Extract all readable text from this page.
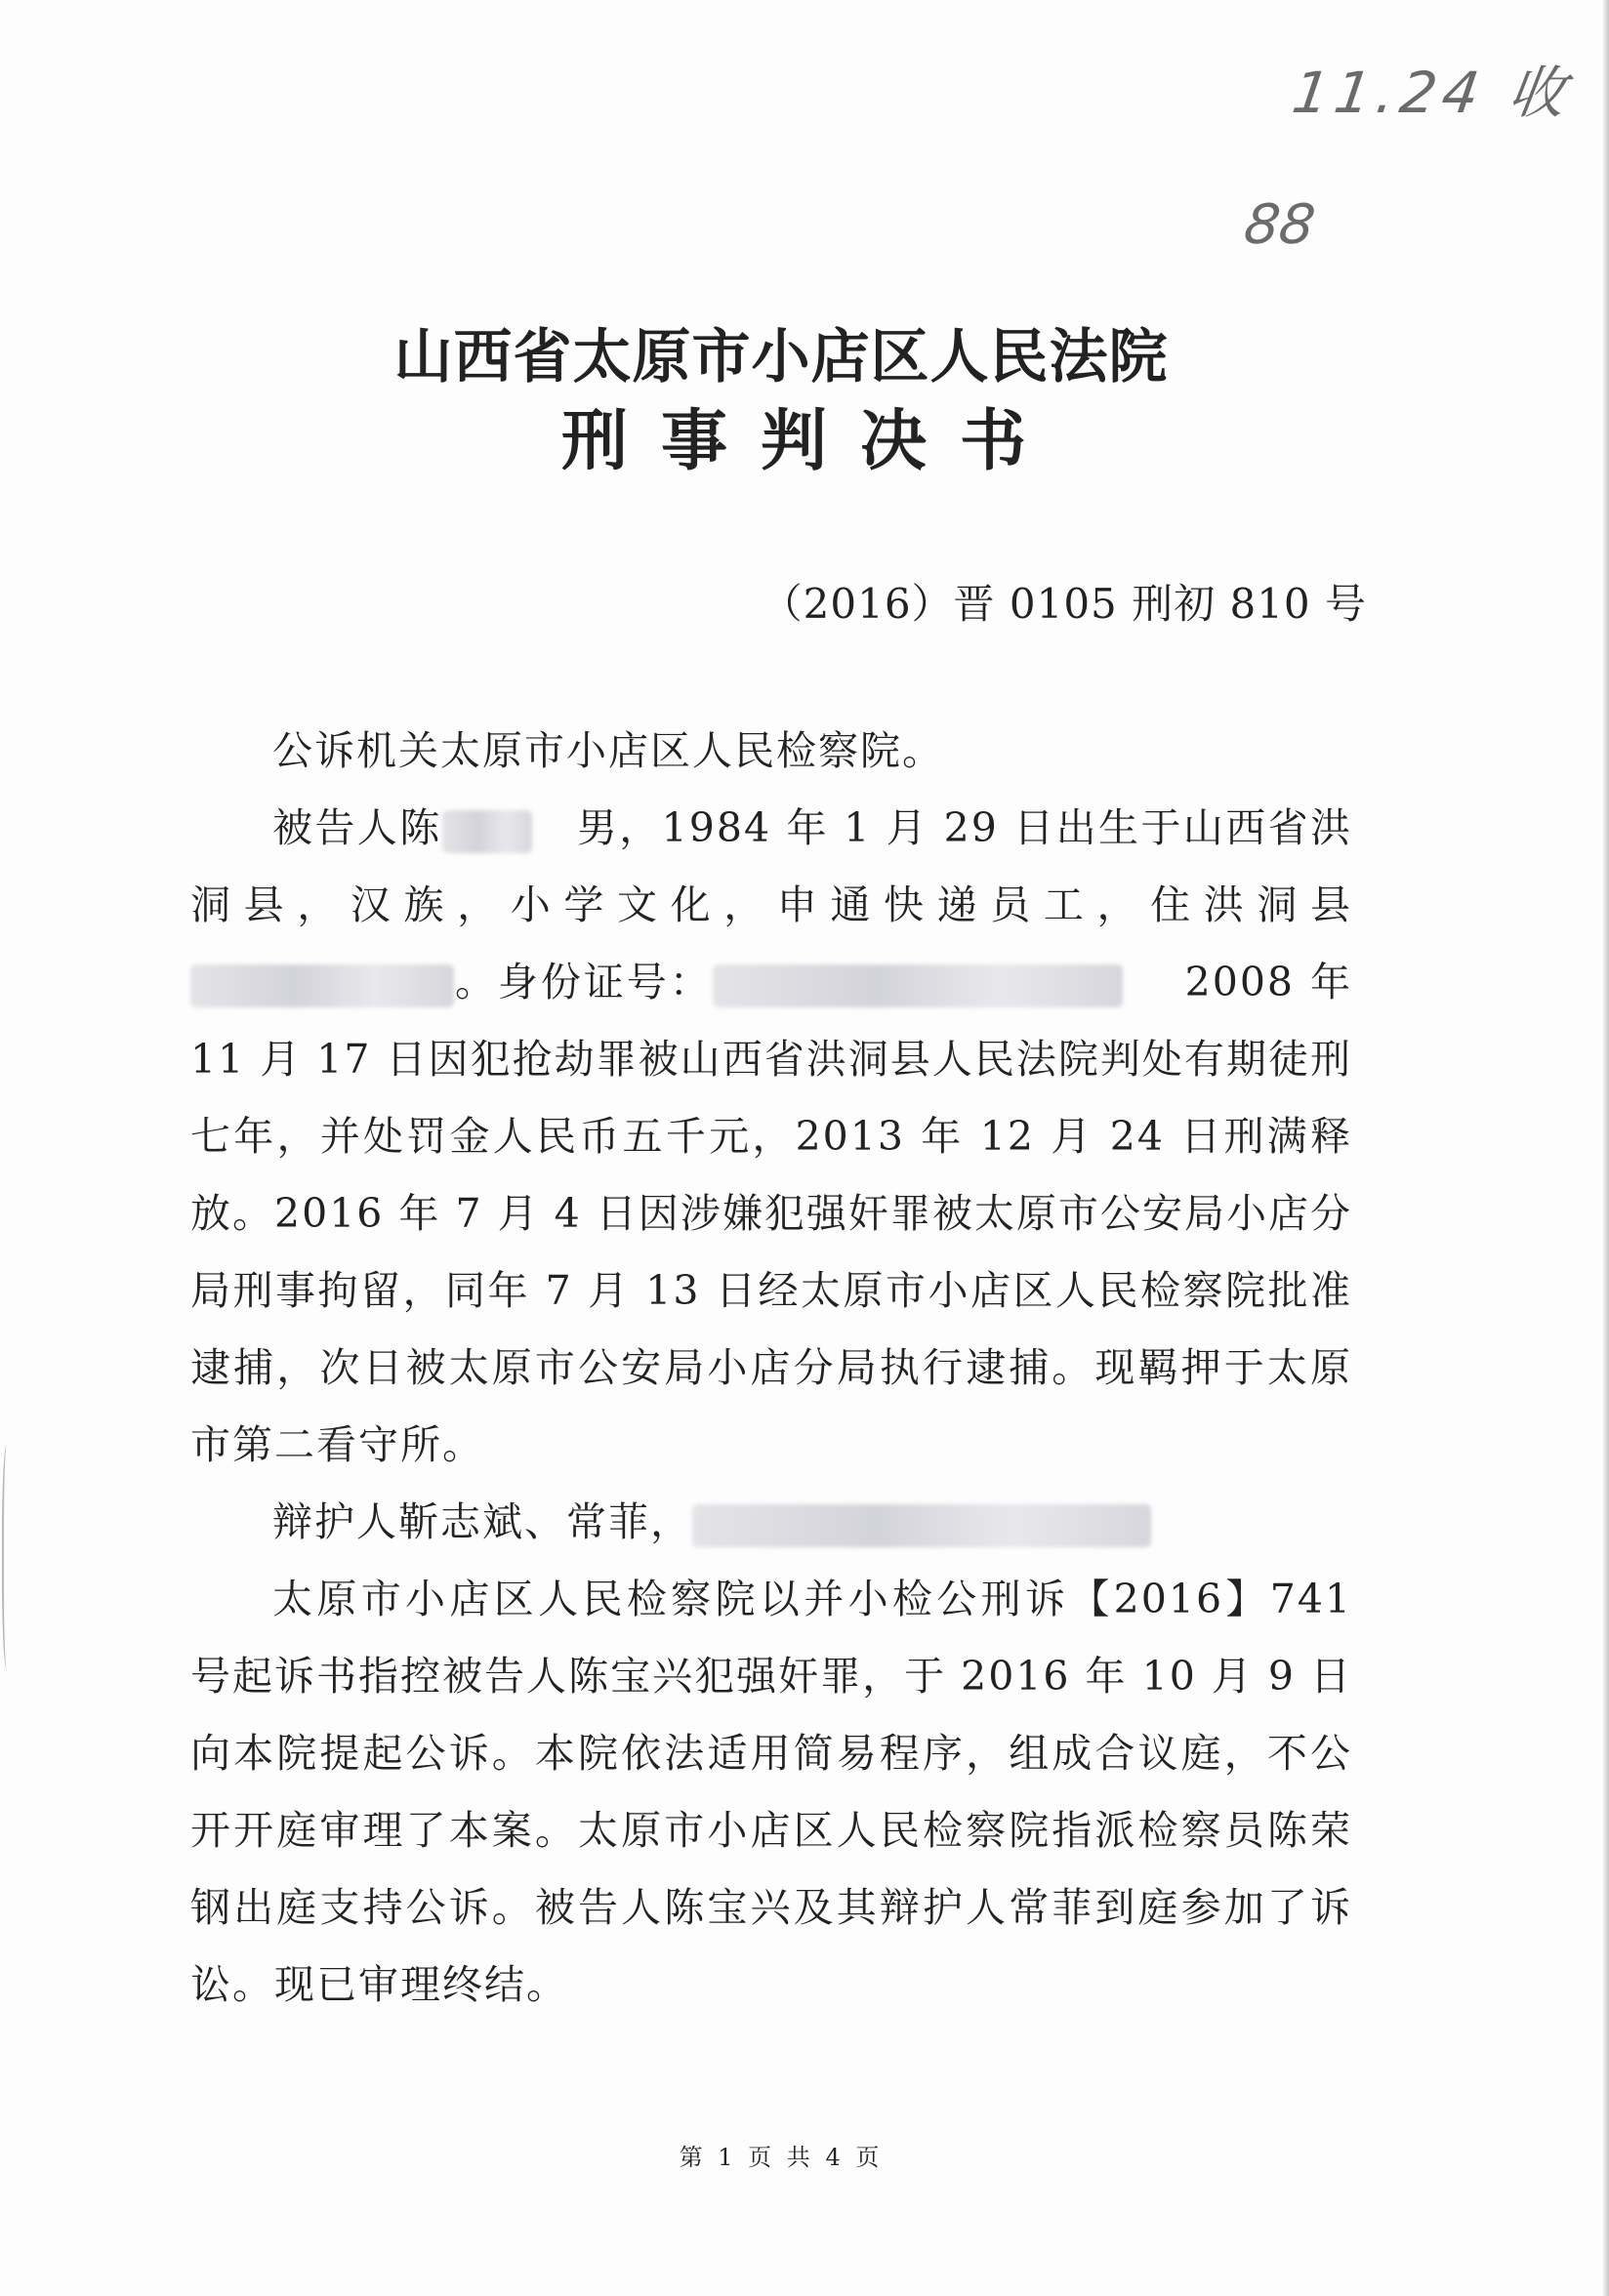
11.24 收
88
山西省太原市小店区人民法院
刑事判决书
（2016）晋 0105 刑初 810 号

公诉机关太原市小店区人民检察院。

被告人陈	男，1984 年 1 月 29 日出生于山西省洪洞县，汉族，小学文化，申通快递员工，住洪洞县。身份证号：	2008 年 11 月 17 日因犯抢劫罪被山西省洪洞县人民法院判处有期徒刑七年，并处罚金人民币五千元，2013 年 12 月 24 日刑满释放。2016 年 7 月 4 日因涉嫌犯强奸罪被太原市公安局小店分局刑事拘留，同年 7 月 13 日经太原市小店区人民检察院批准逮捕，次日被太原市公安局小店分局执行逮捕。现羁押于太原市第二看守所。

辩护人靳志斌、常菲，

太原市小店区人民检察院以并小检公刑诉【2016】741 号起诉书指控被告人陈宝兴犯强奸罪，于 2016 年 10 月 9 日向本院提起公诉。本院依法适用简易程序，组成合议庭，不公开开庭审理了本案。太原市小店区人民检察院指派检察员陈荣钢出庭支持公诉。被告人陈宝兴及其辩护人常菲到庭参加了诉讼。现已审理终结。

第 1 页 共 4 页
